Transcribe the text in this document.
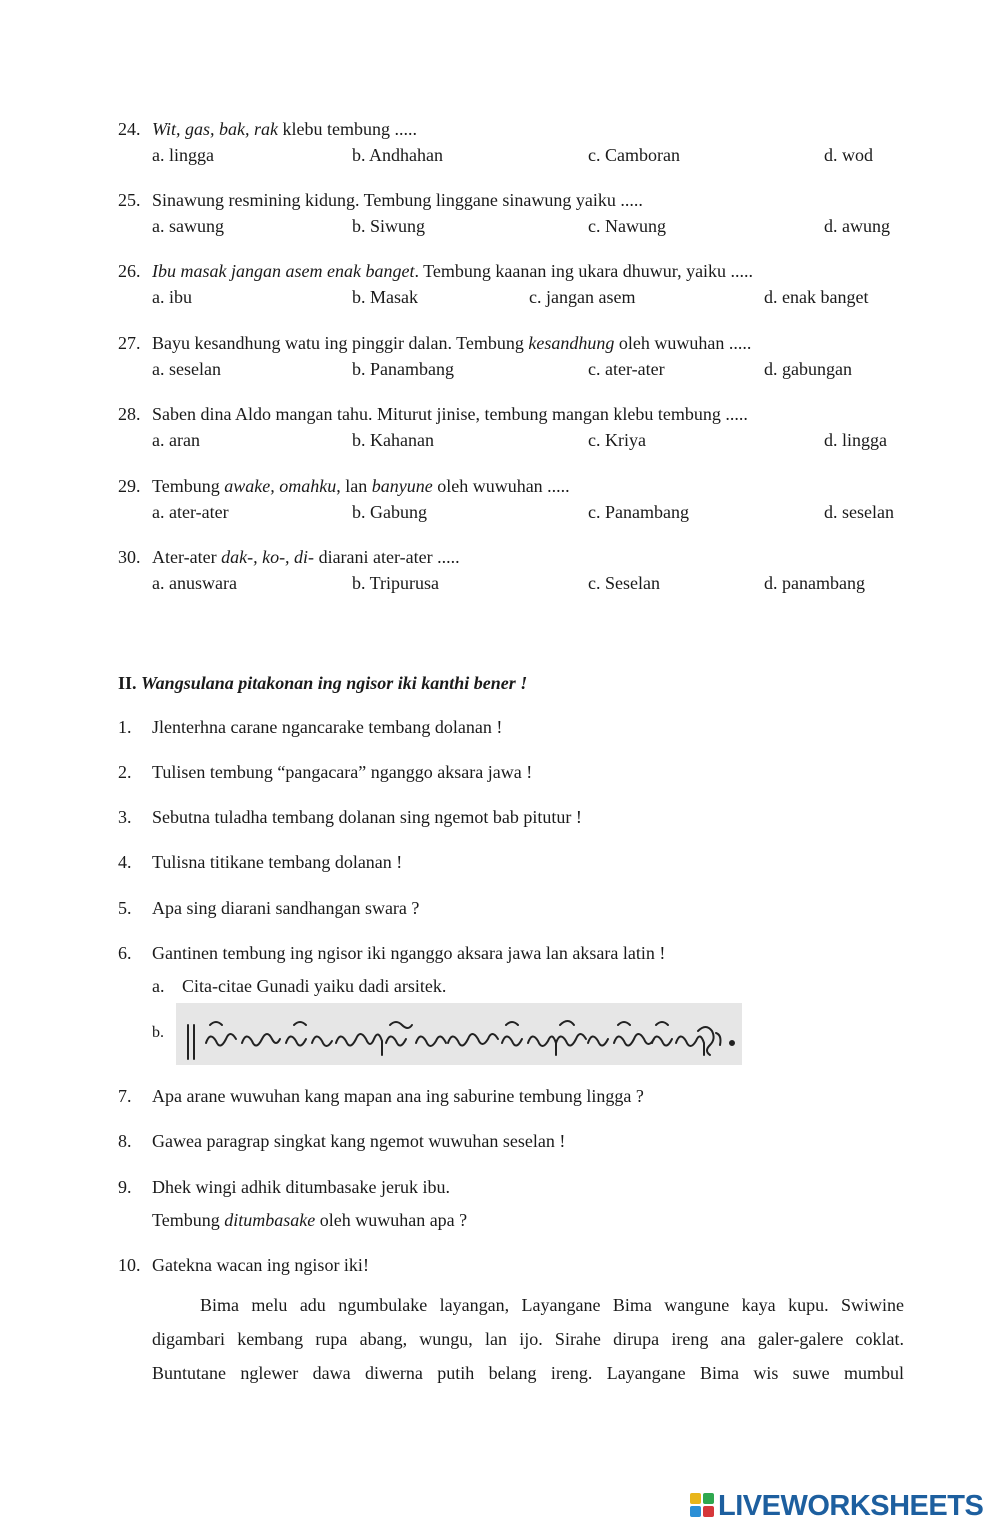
24. Wit, gas, bak, rak klebu tembung .....
a. lingga	b. Andhahan	c. Camboran	d. wod
25. Sinawung resmining kidung. Tembung linggane sinawung yaiku .....
a. sawung	b. Siwung	c. Nawung	d. awung
26. Ibu masak jangan asem enak banget. Tembung kaanan ing ukara dhuwur, yaiku .....
a. ibu	b. Masak	c. jangan asem	d. enak banget
27. Bayu kesandhung watu ing pinggir dalan. Tembung kesandhung oleh wuwuhan .....
a. seselan	b. Panambang	c. ater-ater	d. gabungan
28. Saben dina Aldo mangan tahu. Miturut jinise, tembung mangan klebu tembung .....
a. aran	b. Kahanan	c. Kriya	d. lingga
29. Tembung awake, omahku, lan banyune oleh wuwuhan .....
a. ater-ater	b. Gabung	c. Panambang	d. seselan
30. Ater-ater dak-, ko-, di- diarani ater-ater .....
a. anuswara	b. Tripurusa	c. Seselan	d. panambang
II. Wangsulana pitakonan ing ngisor iki kanthi bener !
1. Jlenterhna carane ngancarake tembang dolanan !
2. Tulisen tembung “pangacara” nganggo aksara jawa !
3. Sebutna tuladha tembang dolanan sing ngemot bab pitutur !
4. Tulisna titikane tembang dolanan !
5. Apa sing diarani sandhangan swara ?
6. Gantinen tembung ing ngisor iki nganggo aksara jawa lan aksara latin !
a. Cita-citae Gunadi yaiku dadi arsitek.
b.
7. Apa arane wuwuhan kang mapan ana ing saburine tembung lingga ?
8. Gawea paragrap singkat kang ngemot wuwuhan seselan !
9. Dhek wingi adhik ditumbasake jeruk ibu.
Tembung ditumbasake oleh wuwuhan apa ?
10. Gatekna wacan ing ngisor iki!

Bima melu adu ngumbulake layangan, Layangane Bima wangune kaya kupu. Swiwine

digambari kembang rupa abang, wungu, lan ijo. Sirahe dirupa ireng ana galer-galere coklat.

Buntutane nglewer dawa diwerna putih belang ireng. Layangane Bima wis suwe mumbul

LIVEWORKSHEETS
